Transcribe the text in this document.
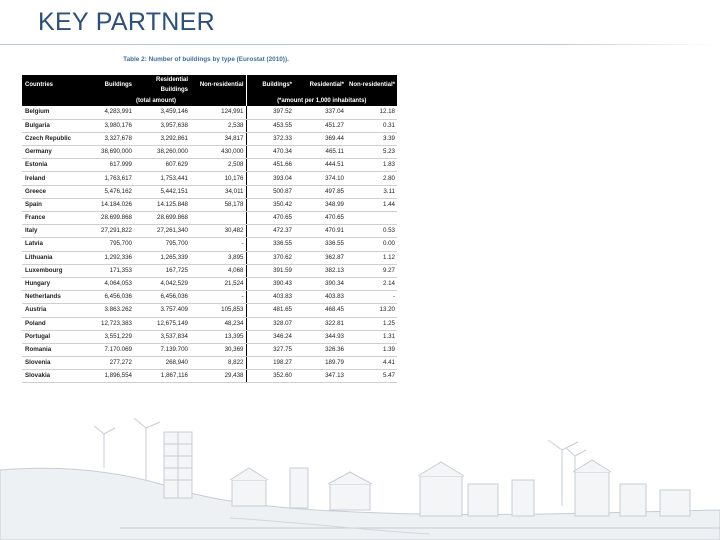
KEY PARTNER
Table 2: Number of buildings by type (Eurostat (2010)).
Countries	Buildings	Residential Buildings	Non-residential	Buildings*	Residential*	Non-residential*
		(total amount)		(*amount per 1,000 inhabitants)		
Belgium	4,283,991	3,459,146	124,991	397.52	337.04	12.18
Bulgaria	3,980,176	3,957,638	2,538	453.55	451.27	0.31
Czech Republic	3,327,678	3,292,861	34,817	372.33	369.44	3.39
Germany	38,690,000	38,260,000	430,000	470.34	465.11	5.23
Estonia	617.999	607.629	2,508	451.66	444.51	1.83
Ireland	1,763,617	1,753,441	10,176	393.04	374.10	2.80
Greece	5,476,162	5,442,151	34,011	500.87	497.85	3.11
Spain	14.184.026	14.125.848	58,178	350.42	348.99	1.44
France	28.699.868	28.699.868		470.65	470.65	
Italy	27,291,822	27,261,340	30,482	472.37	470.91	0.53
Latvia	795,700	795,700	-	336.55	336.55	0.00
Lithuania	1,292,336	1,265,339	3,895	370.62	362.87	1.12
Luxembourg	171,353	167,725	4,068	391.59	382.13	9.27
Hungary	4,064,053	4,042,529	21,524	390.43	390.34	2.14
Netherlands	6,456,036	6,456,036	-	403.83	403.83	-
Austria	3.863.262	3.757.409	105,853	481.65	468.45	13.20
Poland	12,723,383	12,675,149	48,234	328.07	322.81	1.25
Portugal	3,551,229	3,537,834	13,395	346.24	344.93	1.31
Romania	7.170.069	7.139.700	30,369	327.75	326.36	1.39
Slovenia	277,272	268,940	8,822	198.27	189.79	4.41
Slovakia	1,896,554	1,867,116	29,438	352.60	347.13	5.47
